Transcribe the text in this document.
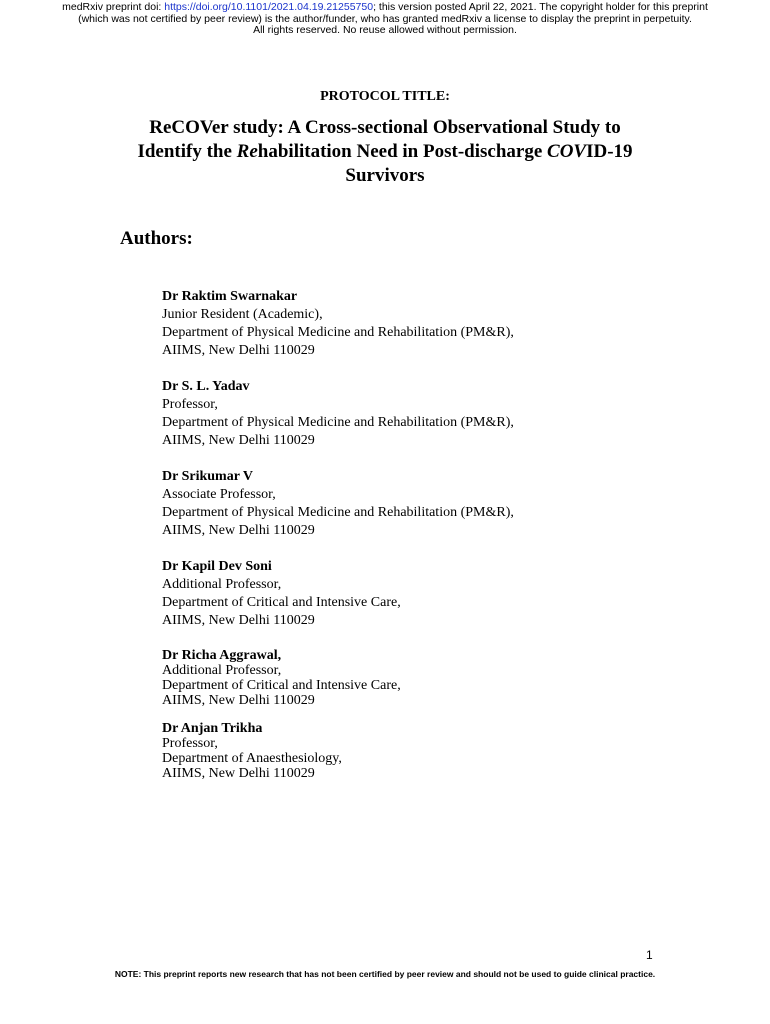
medRxiv preprint doi: https://doi.org/10.1101/2021.04.19.21255750; this version posted April 22, 2021. The copyright holder for this preprint
(which was not certified by peer review) is the author/funder, who has granted medRxiv a license to display the preprint in perpetuity.
All rights reserved. No reuse allowed without permission.
PROTOCOL TITLE:
ReCOVer study: A Cross-sectional Observational Study to
Identify the Rehabilitation Need in Post-discharge COVID-19
Survivors
Authors:
Dr Raktim Swarnakar
Junior Resident (Academic),
Department of Physical Medicine and Rehabilitation (PM&R),
AIIMS, New Delhi 110029
Dr S. L. Yadav
Professor,
Department of Physical Medicine and Rehabilitation (PM&R),
AIIMS, New Delhi 110029
Dr Srikumar V
Associate Professor,
Department of Physical Medicine and Rehabilitation (PM&R),
AIIMS, New Delhi 110029
Dr Kapil Dev Soni
Additional Professor,
Department of Critical and Intensive Care,
AIIMS, New Delhi 110029
Dr Richa Aggrawal,
Additional Professor,
Department of Critical and Intensive Care,
AIIMS, New Delhi 110029
Dr Anjan Trikha
Professor,
Department of Anaesthesiology,
AIIMS, New Delhi 110029
1
NOTE: This preprint reports new research that has not been certified by peer review and should not be used to guide clinical practice.
